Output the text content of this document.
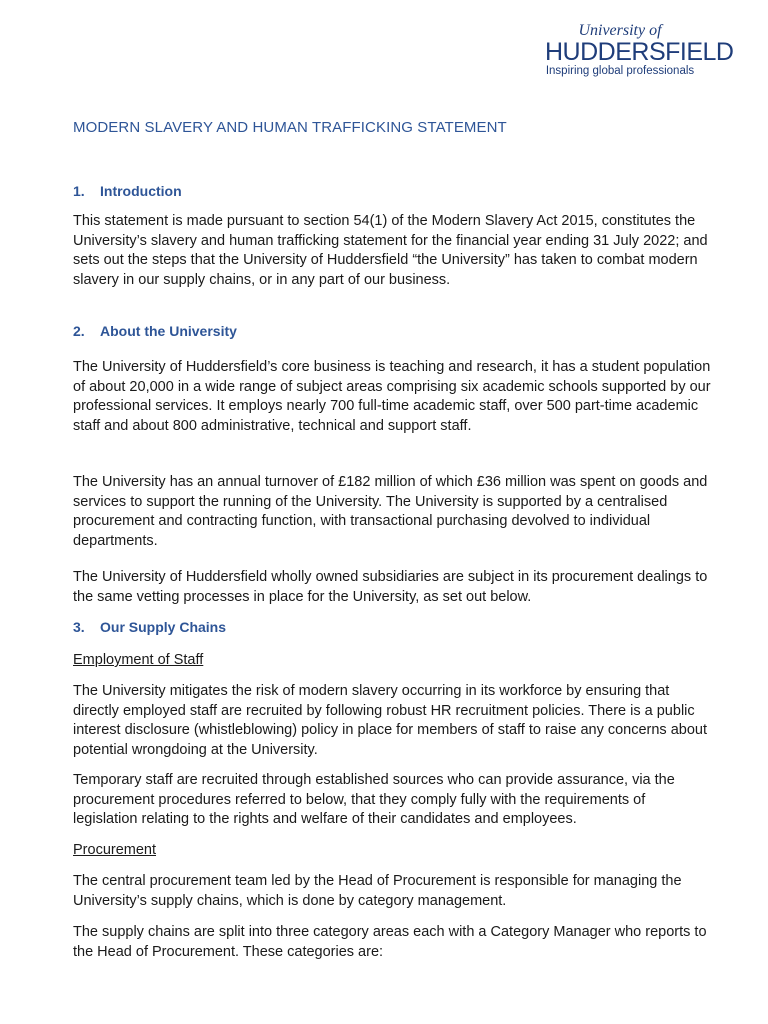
University of
HUDDERSFIELD
Inspiring global professionals
MODERN SLAVERY AND HUMAN TRAFFICKING STATEMENT
1. Introduction

This statement is made pursuant to section 54(1) of the Modern Slavery Act 2015, constitutes the University’s slavery and human trafficking statement for the financial year ending 31 July 2022; and sets out the steps that the University of Huddersfield “the University” has taken to combat modern slavery in our supply chains, or in any part of our business.

2. About the University

The University of Huddersfield’s core business is teaching and research, it has a student population of about 20,000 in a wide range of subject areas comprising six academic schools supported by our professional services. It employs nearly 700 full-time academic staff, over 500 part-time academic staff and about 800 administrative, technical and support staff.

The University has an annual turnover of £182 million of which £36 million was spent on goods and services to support the running of the University. The University is supported by a centralised procurement and contracting function, with transactional purchasing devolved to individual departments.

The University of Huddersfield wholly owned subsidiaries are subject in its procurement dealings to the same vetting processes in place for the University, as set out below.

3. Our Supply Chains

Employment of Staff

The University mitigates the risk of modern slavery occurring in its workforce by ensuring that directly employed staff are recruited by following robust HR recruitment policies. There is a public interest disclosure (whistleblowing) policy in place for members of staff to raise any concerns about potential wrongdoing at the University.

Temporary staff are recruited through established sources who can provide assurance, via the procurement procedures referred to below, that they comply fully with the requirements of legislation relating to the rights and welfare of their candidates and employees.

Procurement

The central procurement team led by the Head of Procurement is responsible for managing the University’s supply chains, which is done by category management.

The supply chains are split into three category areas each with a Category Manager who reports to the Head of Procurement. These categories are:
